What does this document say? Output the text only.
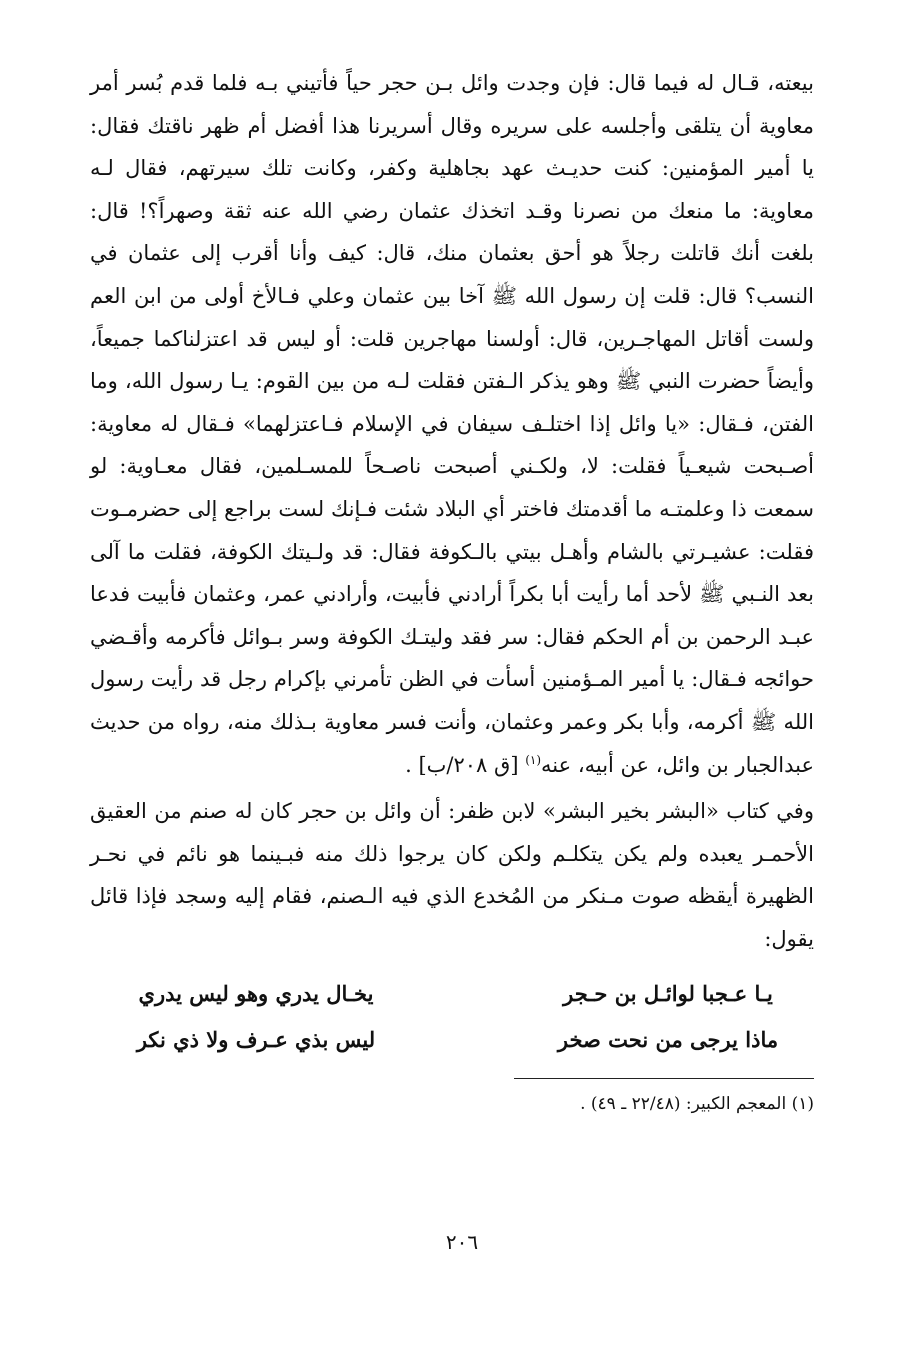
بيعته، قـال له فيما قال: فإن وجدت وائل بـن حجر حياً فأتيني بـه فلما قدم بُسر أمر معاوية أن يتلقى وأجلسه على سريره وقال أسريرنا هذا أفضل أم ظهر ناقتك فقال: يا أمير المؤمنين: كنت حديـث عهد بجاهلية وكفر، وكانت تلك سيرتهم، فقال لـه معاوية: ما منعك من نصرنا وقـد اتخذك عثمان رضي الله عنه ثقة وصهراً؟! قال: بلغت أنك قاتلت رجلاً هو أحق بعثمان منك، قال: كيف وأنا أقرب إلى عثمان في النسب؟ قال: قلت إن رسول الله ﷺ آخا بين عثمان وعلي فـالأخ أولى من ابن العم ولست أقاتل المهاجـرين، قال: أولسنا مهاجرين قلت: أو ليس قد اعتزلناكما جميعاً، وأيضاً حضرت النبي ﷺ وهو يذكر الـفتن فقلت لـه من بين القوم: يـا رسول الله، وما الفتن، فـقال: «يا وائل إذا اختلـف سيفان في الإسلام فـاعتزلهما» فـقال له معاوية: أصـبحت شيعـياً فقلت: لا، ولكـني أصبحت ناصـحاً للمسـلمين، فقال معـاوية: لو سمعت ذا وعلمتـه ما أقدمتك فاختر أي البلاد شئت فـإنك لست براجع إلى حضرمـوت فقلت: عشيـرتي بالشام وأهـل بيتي بالـكوفة فقال: قد ولـيتك الكوفة، فقلت ما آلى بعد النـبي ﷺ لأحد أما رأيت أبا بكراً أرادني فأبيت، وأرادني عمر، وعثمان فأبيت فدعا عبـد الرحمن بن أم الحكم فقال: سر فقد وليتـك الكوفة وسر بـوائل فأكرمه وأقـضي حوائجه فـقال: يا أمير المـؤمنين أسأت في الظن تأمرني بإكرام رجل قد رأيت رسول الله ﷺ أكرمه، وأبا بكر وعمر وعثمان، وأنت فسر معاوية بـذلك منه، رواه من حديث عبدالجبار بن وائل، عن أبيه، عنه$^{(١)}$ [ق ٢٠٨/ب] .

وفي كتاب «البشر بخير البشر» لابن ظفر: أن وائل بن حجر كان له صنم من العقيق الأحمـر يعبده ولم يكن يتكلـم ولكن كان يرجوا ذلك منه فبـينما هو نائم في نحـر الظهيرة أيقظه صوت مـنكر من المُخدع الذي فيه الـصنم، فقام إليه وسجد فإذا قائل يقول:

يـا عـجبا لوائـل بن حـجر
يخـال يدري وهو ليس يدري
ماذا يرجى من نحت صخر
ليس بذي عـرف ولا ذي نكر
(١) المعجم الكبير: (٢٢/٤٨ ـ ٤٩) .
٢٠٦
